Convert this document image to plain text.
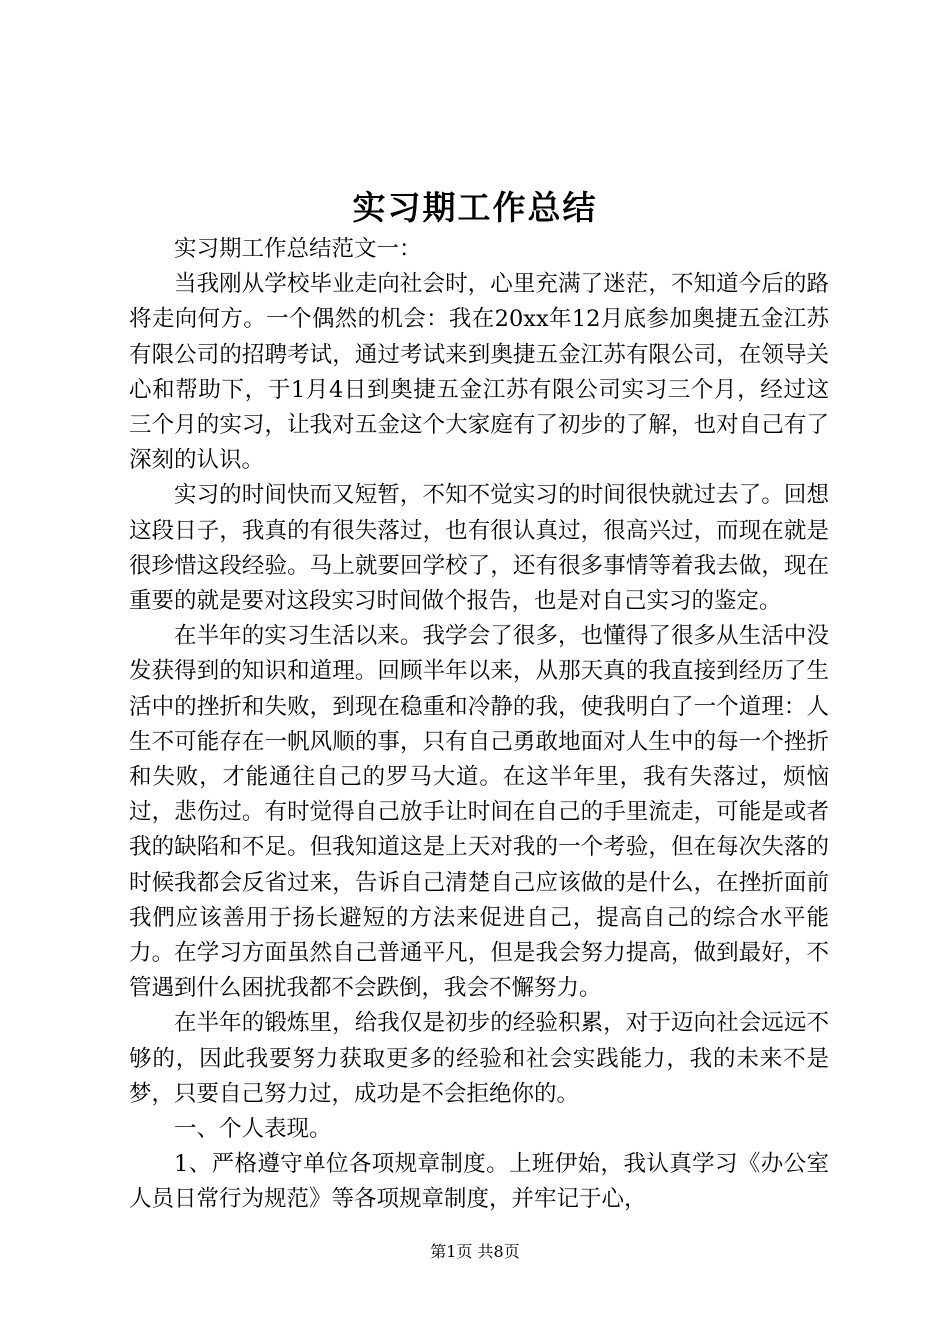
实习期工作总结

实习期工作总结范文一：

当我刚从学校毕业走向社会时，心里充满了迷茫，不知道今后的路将走向何方。一个偶然的机会：我在20xx年12月底参加奥捷五金江苏有限公司的招聘考试，通过考试来到奥捷五金江苏有限公司，在领导关心和帮助下，于1月4日到奥捷五金江苏有限公司实习三个月，经过这三个月的实习，让我对五金这个大家庭有了初步的了解，也对自己有了深刻的认识。

实习的时间快而又短暂，不知不觉实习的时间很快就过去了。回想这段日子，我真的有很失落过，也有很认真过，很高兴过，而现在就是很珍惜这段经验。马上就要回学校了，还有很多事情等着我去做，现在重要的就是要对这段实习时间做个报告，也是对自己实习的鉴定。

在半年的实习生活以来。我学会了很多，也懂得了很多从生活中没发获得到的知识和道理。回顾半年以来，从那天真的我直接到经历了生活中的挫折和失败，到现在稳重和冷静的我，使我明白了一个道理：人生不可能存在一帆风顺的事，只有自己勇敢地面对人生中的每一个挫折和失败，才能通往自己的罗马大道。在这半年里，我有失落过，烦恼过，悲伤过。有时觉得自己放手让时间在自己的手里流走，可能是或者我的缺陷和不足。但我知道这是上天对我的一个考验，但在每次失落的时候我都会反省过来，告诉自己清楚自己应该做的是什么，在挫折面前我們应该善用于扬长避短的方法来促进自己，提高自己的综合水平能力。在学习方面虽然自己普通平凡，但是我会努力提高，做到最好，不管遇到什么困扰我都不会跌倒，我会不懈努力。

在半年的锻炼里，给我仅是初步的经验积累，对于迈向社会远远不够的，因此我要努力获取更多的经验和社会实践能力，我的未来不是梦，只要自己努力过，成功是不会拒绝你的。

一、个人表现。

1、严格遵守单位各项规章制度。上班伊始，我认真学习《办公室人员日常行为规范》等各项规章制度，并牢记于心，

第1页 共8页
